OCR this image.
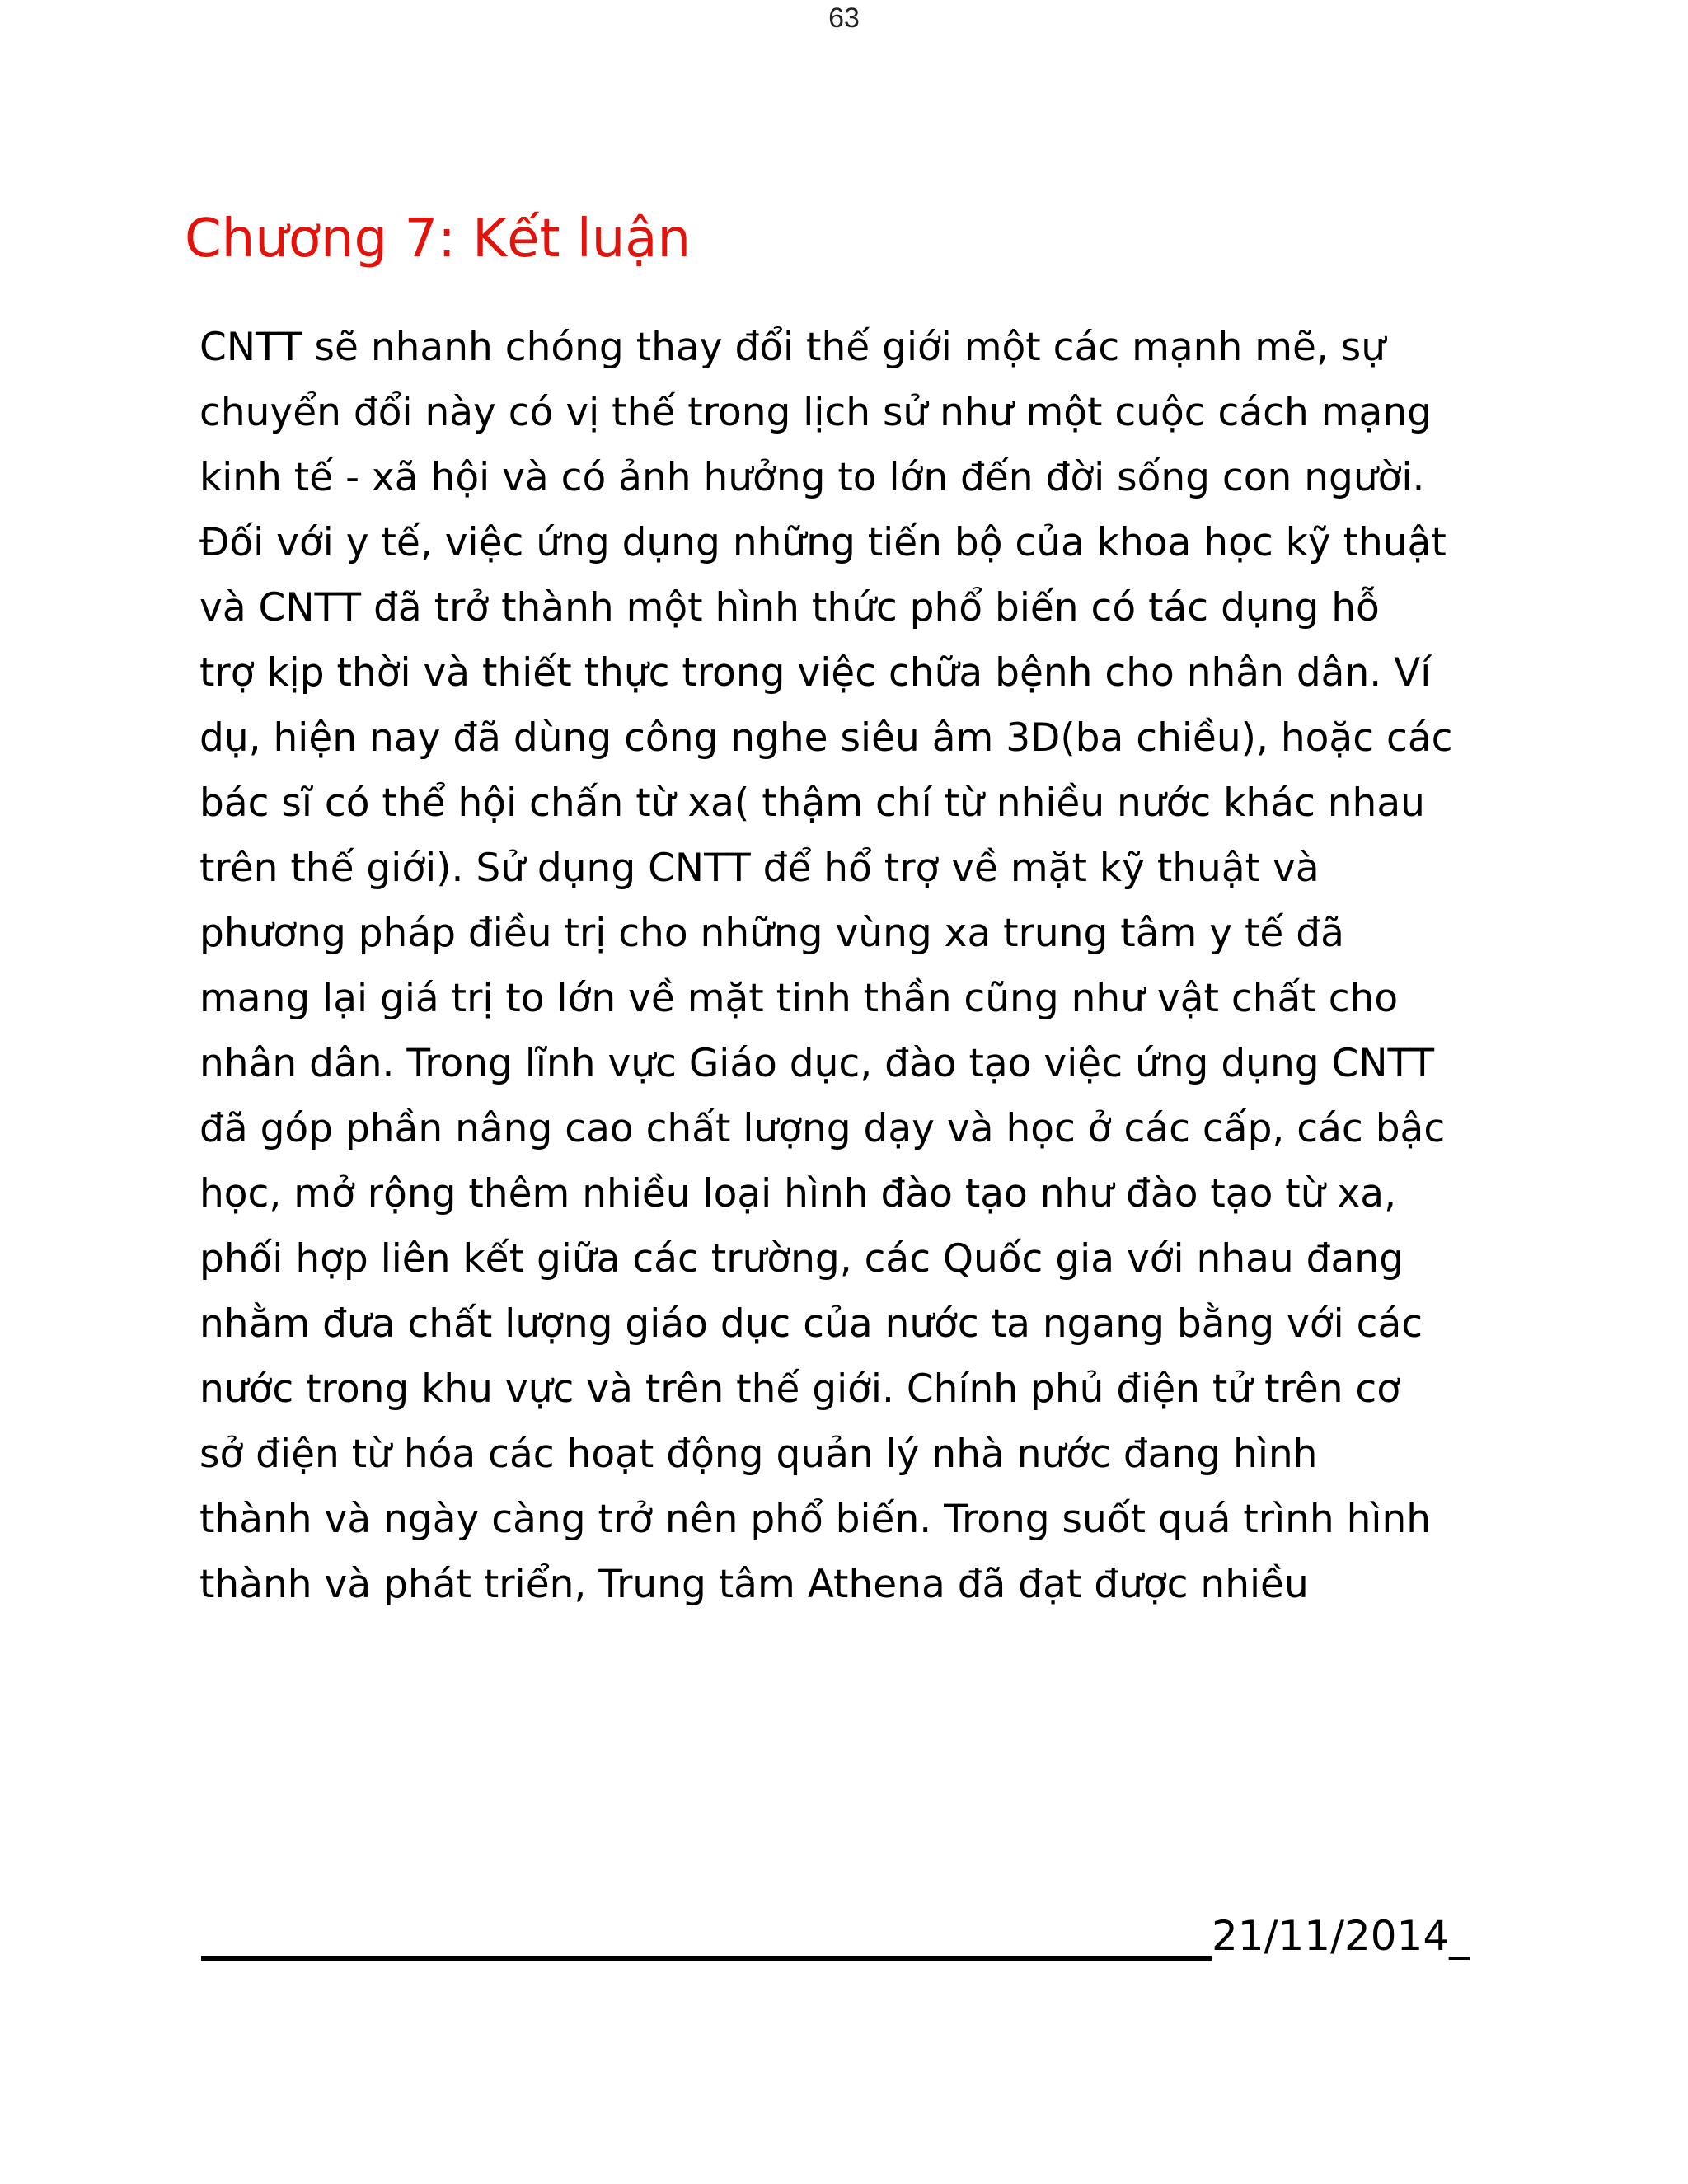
63
Chương 7: Kết luận
CNTT sẽ nhanh chóng thay đổi thế giới một các mạnh mẽ, sự
chuyển đổi này có vị thế trong lịch sử như một cuộc cách mạng
kinh tế - xã hội và có ảnh hưởng to lớn đến đời sống con người.
Đối với y tế, việc ứng dụng những tiến bộ của khoa học kỹ thuật
và CNTT đã trở thành một hình thức phổ biến có tác dụng hỗ
trợ kịp thời và thiết thực trong việc chữa bệnh cho nhân dân. Ví
dụ, hiện nay đã dùng công nghe siêu âm 3D(ba chiều), hoặc các
bác sĩ có thể hội chấn từ xa( thậm chí từ nhiều nước khác nhau
trên thế giới). Sử dụng CNTT để hổ trợ về mặt kỹ thuật và
phương pháp điều trị cho những vùng xa trung tâm y tế đã
mang lại giá trị to lớn về mặt tinh thần cũng như vật chất cho
nhân dân. Trong lĩnh vực Giáo dục, đào tạo việc ứng dụng CNTT
đã góp phần nâng cao chất lượng dạy và học ở các cấp, các bậc
học, mở rộng thêm nhiều loại hình đào tạo như đào tạo từ xa,
phối hợp liên kết giữa các trường, các Quốc gia với nhau đang
nhằm đưa chất lượng giáo dục của nước ta ngang bằng với các
nước trong khu vực và trên thế giới. Chính phủ điện tử trên cơ
sở điện từ hóa các hoạt động quản lý nhà nước đang hình
thành và ngày càng trở nên phổ biến. Trong suốt quá trình hình
thành và phát triển, Trung tâm Athena đã đạt được nhiều
21/11/2014_
